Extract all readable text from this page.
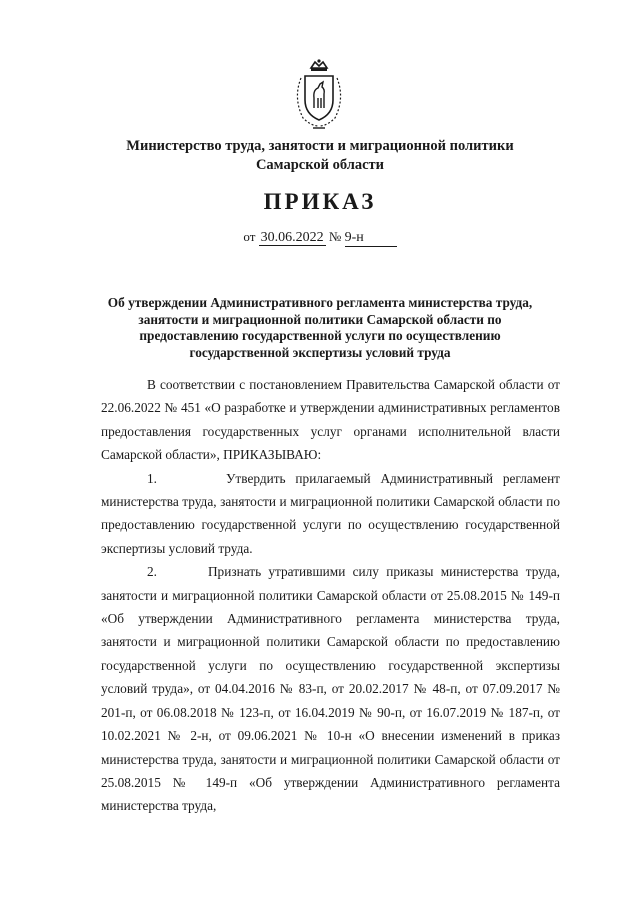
Министерство труда, занятости и миграционной политики
Самарской области
ПРИКАЗ
от 30.06.2022 № 9-н
Об утверждении Административного регламента министерства труда,
занятости и миграционной политики Самарской области по
предоставлению государственной услуги по осуществлению
государственной экспертизы условий труда

В соответствии с постановлением Правительства Самарской области от 22.06.2022 № 451 «О разработке и утверждении административных регламентов предоставления государственных услуг органами исполнительной власти Самарской области», ПРИКАЗЫВАЮ:

1.       Утвердить прилагаемый Административный регламент министерства труда, занятости и миграционной политики Самарской области по предоставлению государственной услуги по осуществлению государственной экспертизы условий труда.

2.       Признать утратившими силу приказы министерства труда, занятости и миграционной политики Самарской области от 25.08.2015 № 149-п «Об утверждении Административного регламента министерства труда, занятости и миграционной политики Самарской области по предоставлению государственной услуги по осуществлению государственной экспертизы условий труда», от 04.04.2016 № 83-п, от 20.02.2017 № 48-п, от 07.09.2017 № 201-п, от 06.08.2018 № 123-п, от 16.04.2019 № 90-п, от 16.07.2019 № 187-п, от 10.02.2021 № 2-н, от 09.06.2021 № 10-н «О внесении изменений в приказ министерства труда, занятости и миграционной политики Самарской области от 25.08.2015 № 149-п «Об утверждении Административного регламента министерства труда,
